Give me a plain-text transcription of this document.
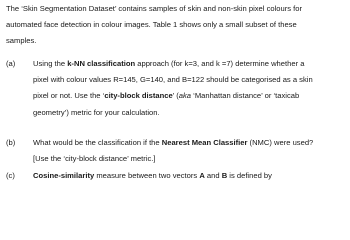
The ‘Skin Segmentation Dataset’ contains samples of skin and non-skin pixel colours for
automated face detection in colour images. Table 1 shows only a small subset of these
samples.

(a) Using the k-NN classification approach (for k=3, and k =7) determine whether a
pixel with colour values R=145, G=140, and B=122 should be categorised as a skin
pixel or not. Use the ‘city-block distance’ (aka ‘Manhattan distance’ or ‘taxicab
geometry’) metric for your calculation.

(b) What would be the classification if the Nearest Mean Classifier (NMC) were used?
[Use the ‘city-block distance’ metric.]

(c) Cosine-similarity measure between two vectors A and B is defined by
